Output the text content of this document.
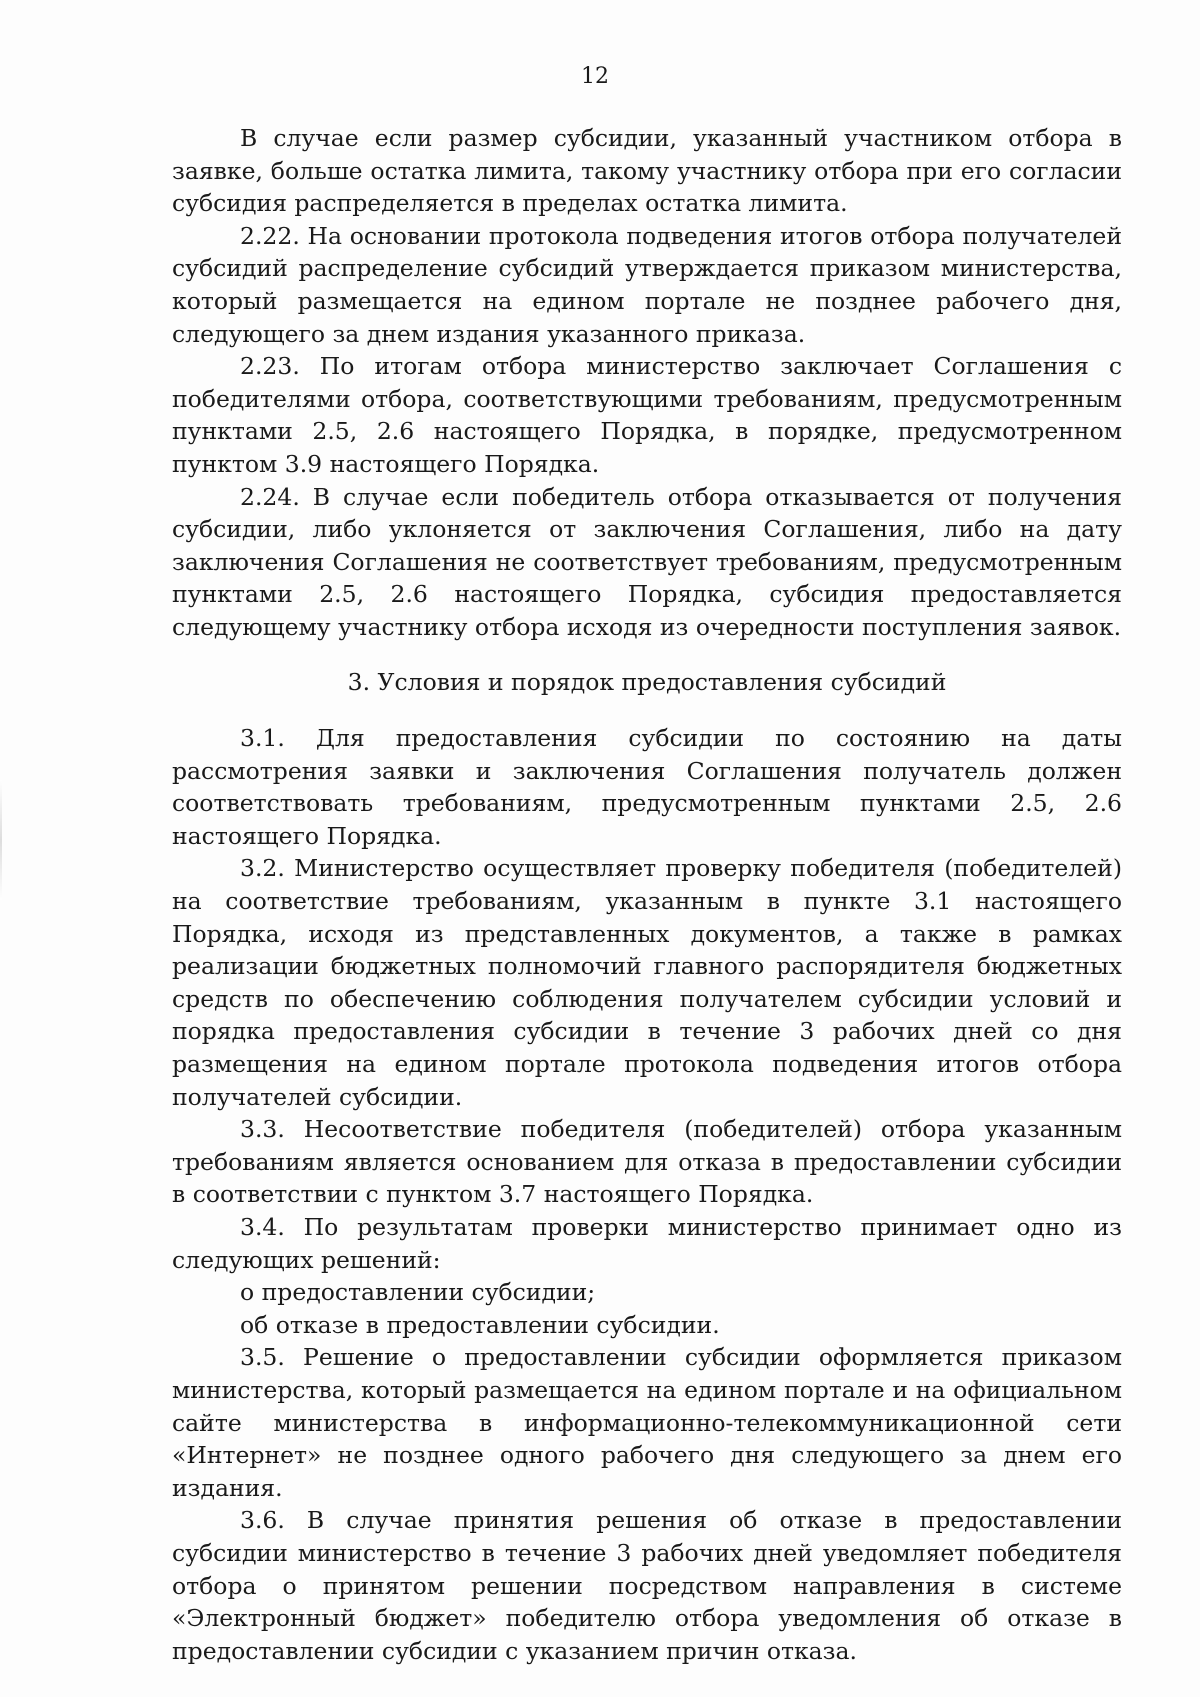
12

В случае если размер субсидии, указанный участником отбора в заявке, больше остатка лимита, такому участнику отбора при его согласии субсидия распределяется в пределах остатка лимита.

2.22. На основании протокола подведения итогов отбора получателей субсидий распределение субсидий утверждается приказом министерства, который размещается на едином портале не позднее рабочего дня, следующего за днем издания указанного приказа.

2.23. По итогам отбора министерство заключает Соглашения с победителями отбора, соответствующими требованиям, предусмотренным пунктами 2.5, 2.6 настоящего Порядка, в порядке, предусмотренном пунктом 3.9 настоящего Порядка.

2.24. В случае если победитель отбора отказывается от получения субсидии, либо уклоняется от заключения Соглашения, либо на дату заключения Соглашения не соответствует требованиям, предусмотренным пунктами 2.5, 2.6 настоящего Порядка, субсидия предоставляется следующему участнику отбора исходя из очередности поступления заявок.

3. Условия и порядок предоставления субсидий

3.1. Для предоставления субсидии по состоянию на даты рассмотрения заявки и заключения Соглашения получатель должен соответствовать требованиям, предусмотренным пунктами 2.5, 2.6 настоящего Порядка.

3.2. Министерство осуществляет проверку победителя (победителей) на соответствие требованиям, указанным в пункте 3.1 настоящего Порядка, исходя из представленных документов, а также в рамках реализации бюджетных полномочий главного распорядителя бюджетных средств по обеспечению соблюдения получателем субсидии условий и порядка предоставления субсидии в течение 3 рабочих дней со дня размещения на едином портале протокола подведения итогов отбора получателей субсидии.

3.3. Несоответствие победителя (победителей) отбора указанным требованиям является основанием для отказа в предоставлении субсидии в соответствии с пунктом 3.7 настоящего Порядка.

3.4. По результатам проверки министерство принимает одно из следующих решений:

о предоставлении субсидии;

об отказе в предоставлении субсидии.

3.5. Решение о предоставлении субсидии оформляется приказом министерства, который размещается на едином портале и на официальном сайте министерства в информационно-телекоммуникационной сети «Интернет» не позднее одного рабочего дня следующего за днем его издания.

3.6. В случае принятия решения об отказе в предоставлении субсидии министерство в течение 3 рабочих дней уведомляет победителя отбора о принятом решении посредством направления в системе «Электронный бюджет» победителю отбора уведомления об отказе в предоставлении субсидии с указанием причин отказа.
